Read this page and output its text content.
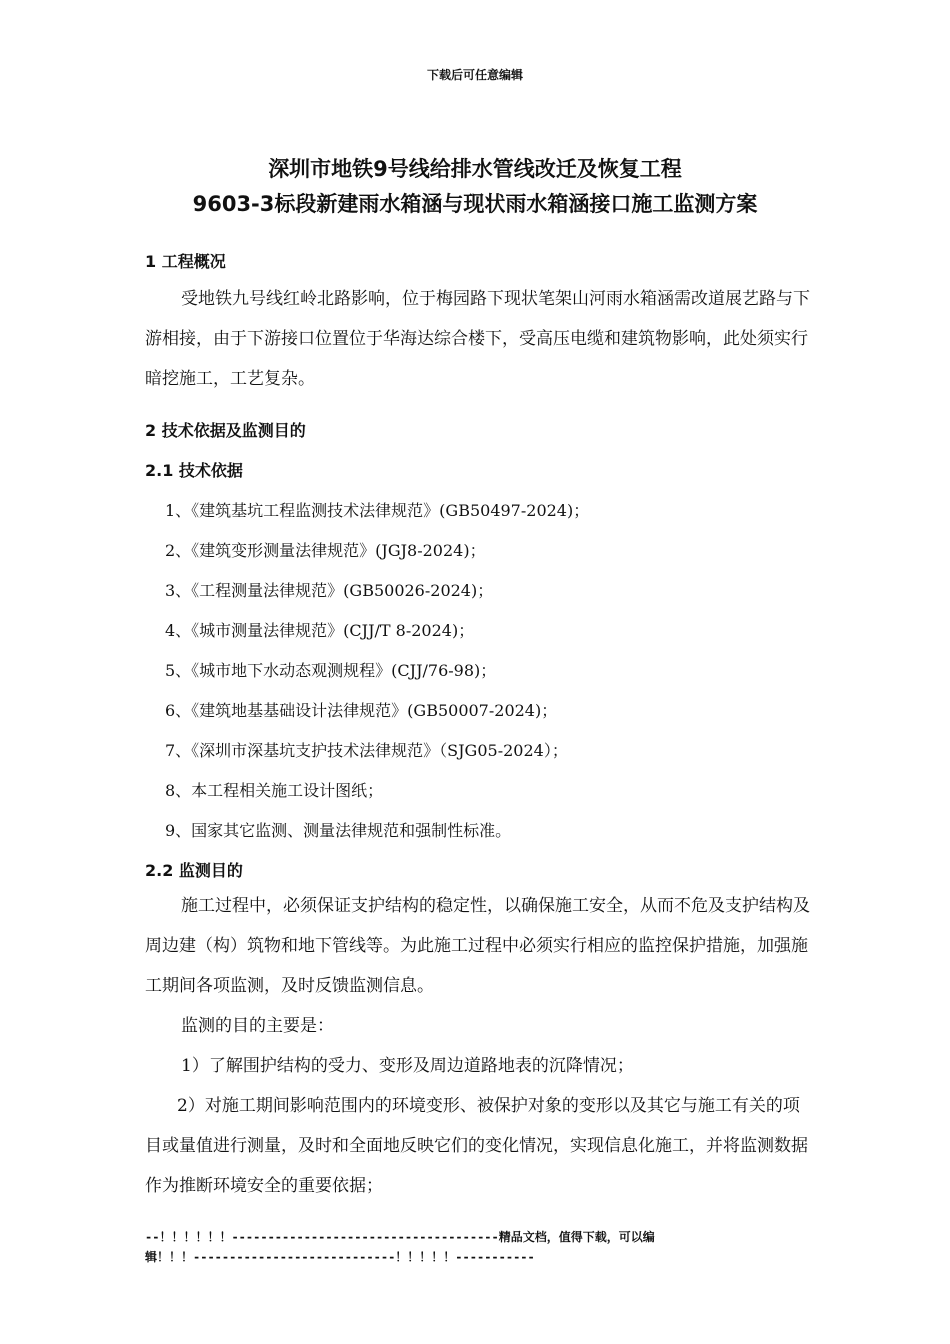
下载后可任意编辑
深圳市地铁9号线给排水管线改迁及恢复工程
9603-3标段新建雨水箱涵与现状雨水箱涵接口施工监测方案
1 工程概况
受地铁九号线红岭北路影响，位于梅园路下现状笔架山河雨水箱涵需改道展艺路与下游相接，由于下游接口位置位于华海达综合楼下，受高压电缆和建筑物影响，此处须实行暗挖施工，工艺复杂。
2 技术依据及监测目的
2.1 技术依据
1、《建筑基坑工程监测技术法律规范》(GB50497-2024)；
2、《建筑变形测量法律规范》(JGJ8-2024)；
3、《工程测量法律规范》(GB50026-2024)；
4、《城市测量法律规范》(CJJ/T 8-2024)；
5、《城市地下水动态观测规程》(CJJ/76-98)；
6、《建筑地基基础设计法律规范》(GB50007-2024)；
7、《深圳市深基坑支护技术法律规范》（SJG05-2024）；
8、本工程相关施工设计图纸；
9、国家其它监测、测量法律规范和强制性标准。
2.2 监测目的
施工过程中，必须保证支护结构的稳定性，以确保施工安全，从而不危及支护结构及周边建（构）筑物和地下管线等。为此施工过程中必须实行相应的监控保护措施，加强施工期间各项监测，及时反馈监测信息。
监测的目的主要是：
1）了解围护结构的受力、变形及周边道路地表的沉降情况；
2）对施工期间影响范围内的环境变形、被保护对象的变形以及其它与施工有关的项目或量值进行测量，及时和全面地反映它们的变化情况，实现信息化施工，并将监测数据作为推断环境安全的重要依据；
--！！！！！！-------------------------------------精品文档，值得下载，可以编
辑！！！----------------------------！！！！！-----------
